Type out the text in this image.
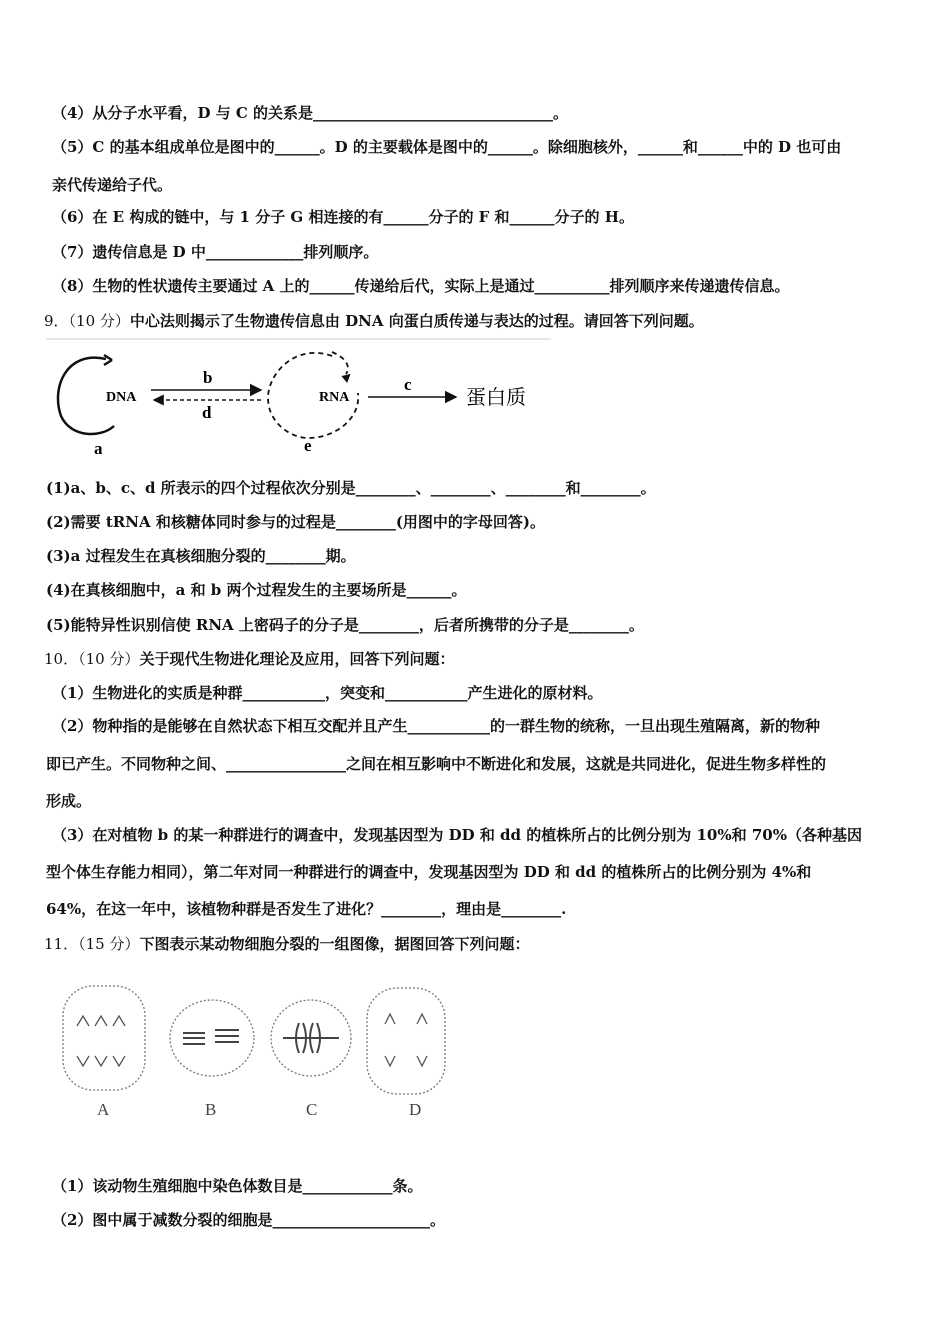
（4）从分子水平看，D 与 C 的关系是________________________________。
（5）C 的基本组成单位是图中的______。D 的主要载体是图中的______。除细胞核外，______和______中的 D 也可由
亲代传递给子代。
（6）在 E 构成的链中，与 1 分子 G 相连接的有______分子的 F 和______分子的 H。
（7）遗传信息是 D 中_____________排列顺序。
（8）生物的性状遗传主要通过 A 上的______传递给后代，实际上是通过__________排列顺序来传递遗传信息。
9．（10 分）中心法则揭示了生物遗传信息由 DNA 向蛋白质传递与表达的过程。请回答下列问题。
DNA
a
b
d
RNA
e
c
蛋白质
(1)a、b、c、d 所表示的四个过程依次分别是________、________、________和________。
(2)需要 tRNA 和核糖体同时参与的过程是________(用图中的字母回答)。
(3)a 过程发生在真核细胞分裂的________期。
(4)在真核细胞中，a 和 b 两个过程发生的主要场所是______。
(5)能特异性识别信使 RNA 上密码子的分子是________，后者所携带的分子是________。
10．（10 分）关于现代生物进化理论及应用，回答下列问题：
（1）生物进化的实质是种群___________，突变和___________产生进化的原材料。
（2）物种指的是能够在自然状态下相互交配并且产生___________的一群生物的统称，一旦出现生殖隔离，新的物种
即已产生。不同物种之间、________________之间在相互影响中不断进化和发展，这就是共同进化，促进生物多样性的
形成。
（3）在对植物 b 的某一种群进行的调查中，发现基因型为 DD 和 dd 的植株所占的比例分别为 10%和 70%（各种基因
型个体生存能力相同），第二年对同一种群进行的调查中，发现基因型为 DD 和 dd 的植株所占的比例分别为 4%和
64%，在这一年中，该植物种群是否发生了进化？________，理由是________.
11．（15 分）下图表示某动物细胞分裂的一组图像，据图回答下列问题：
A	B	C	D
（1）该动物生殖细胞中染色体数目是____________条。
（2）图中属于减数分裂的细胞是_____________________。
